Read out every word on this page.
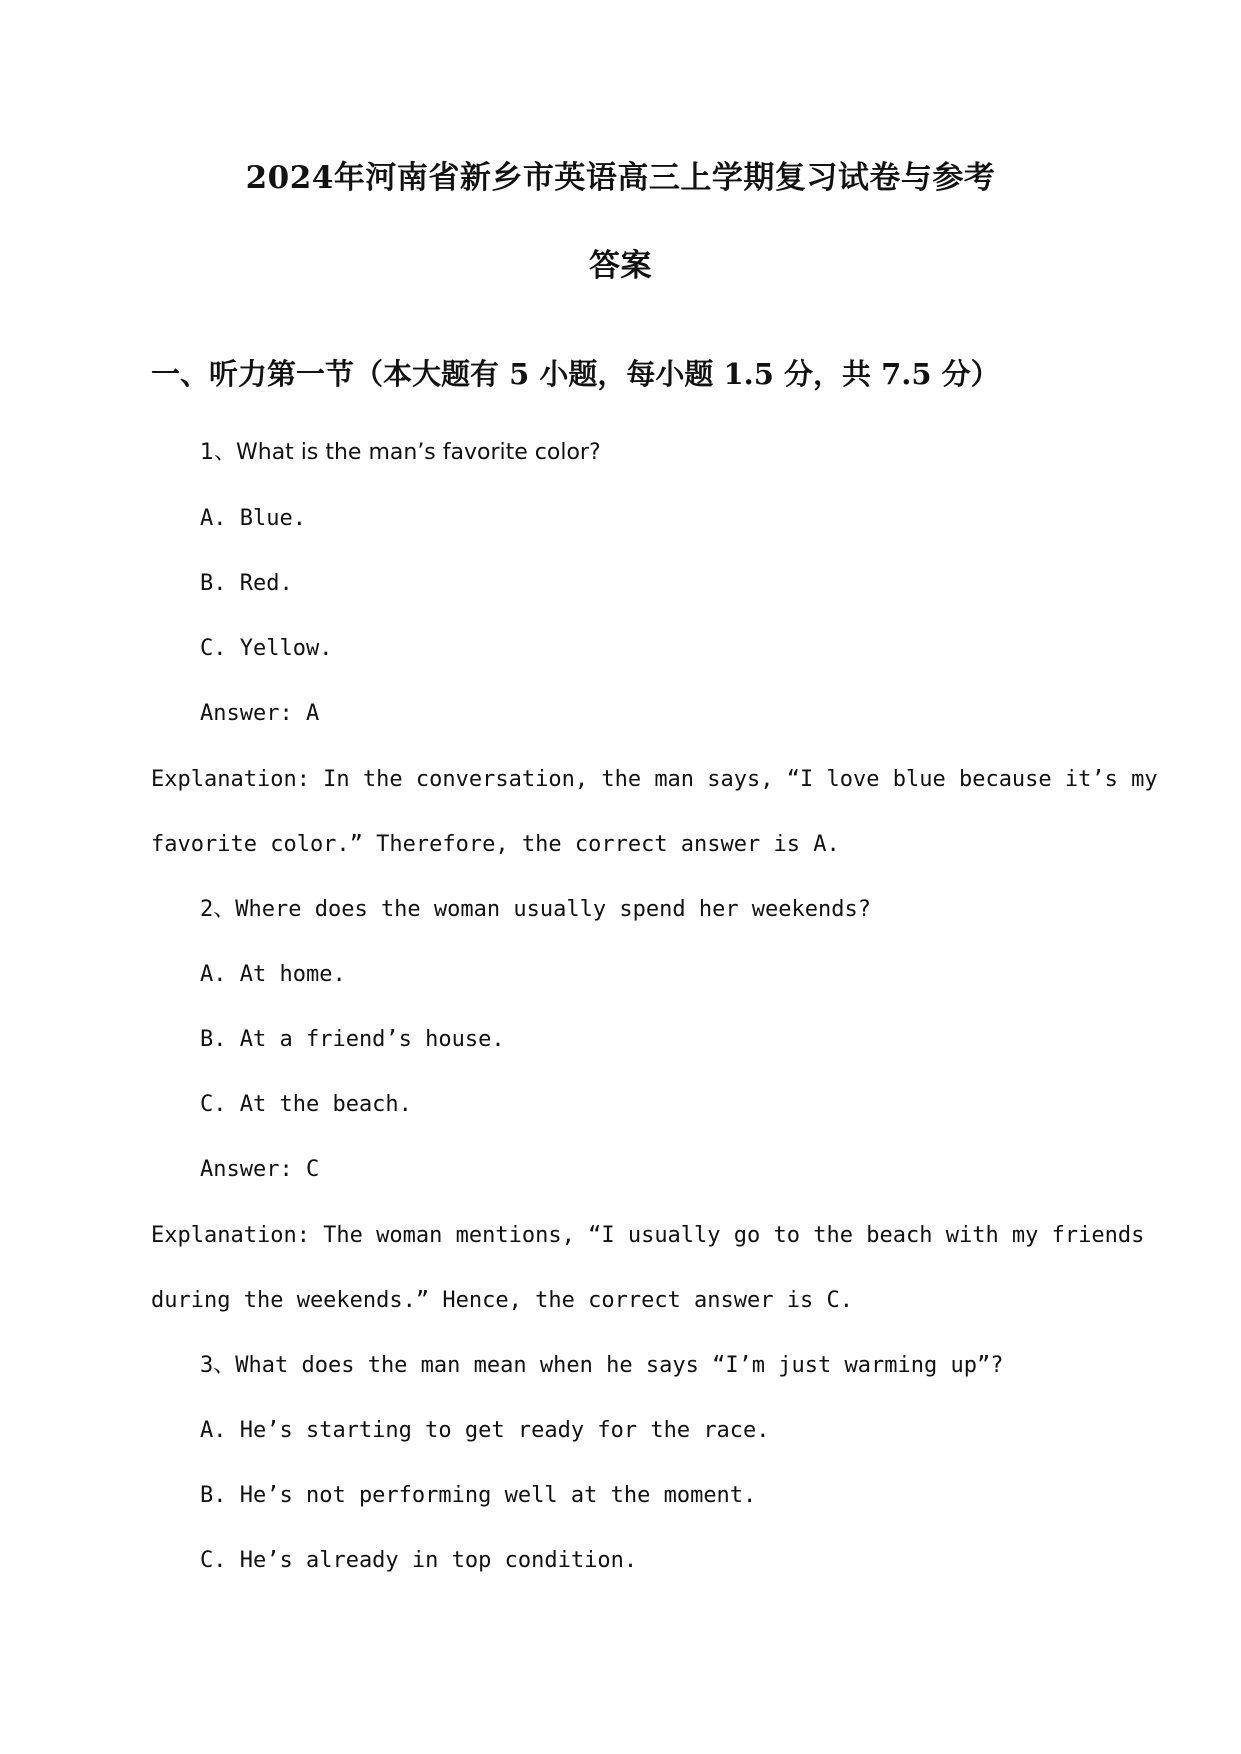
2024年河南省新乡市英语高三上学期复习试卷与参考
答案
一、听力第一节（本大题有 5 小题，每小题 1.5 分，共 7.5 分）
1、What is the man’s favorite color?
A. Blue.
B. Red.
C. Yellow.
Answer: A
Explanation: In the conversation, the man says, “I love blue because it’s my
favorite color.” Therefore, the correct answer is A.
2、Where does the woman usually spend her weekends?
A. At home.
B. At a friend’s house.
C. At the beach.
Answer: C
Explanation: The woman mentions, “I usually go to the beach with my friends
during the weekends.” Hence, the correct answer is C.
3、What does the man mean when he says “I’m just warming up”?
A. He’s starting to get ready for the race.
B. He’s not performing well at the moment.
C. He’s already in top condition.
